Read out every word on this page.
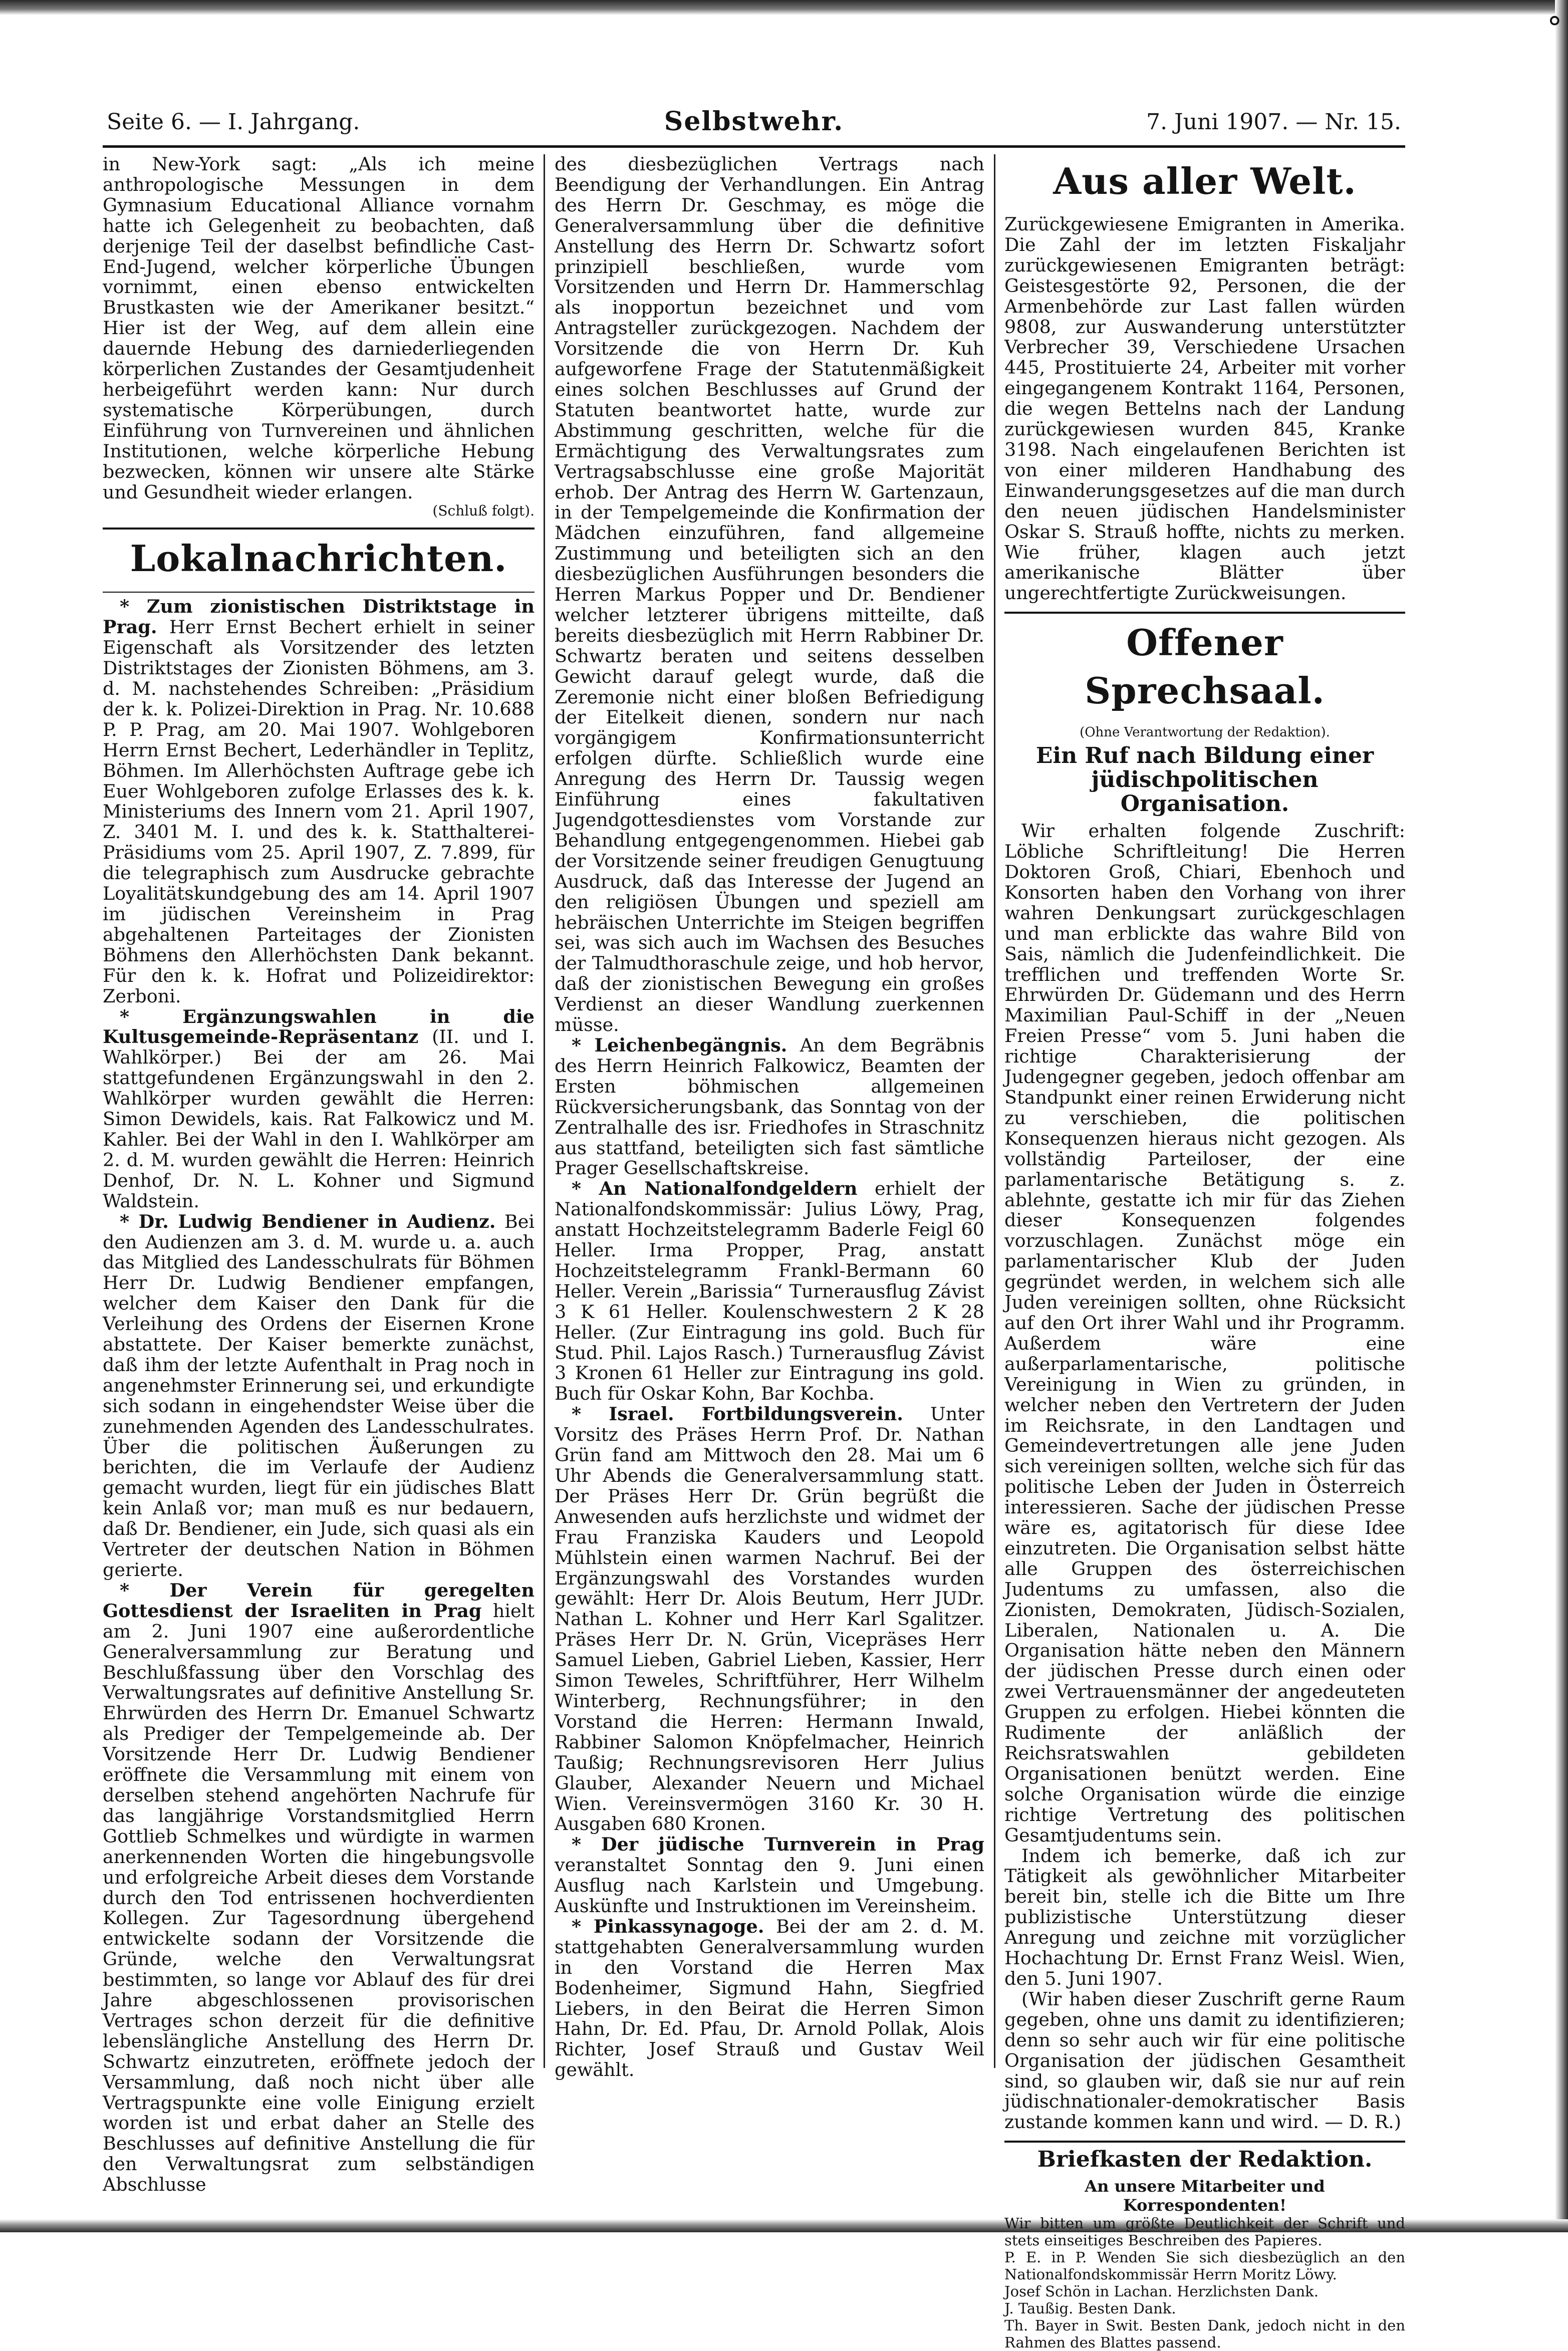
∘
Seite 6. — I. Jahrgang.	Selbstwehr.	7. Juni 1907. — Nr. 15.

in New-York sagt: „Als ich meine anthropologische Messungen in dem Gymnasium Educational Alliance vornahm hatte ich Gelegenheit zu beobachten, daß derjenige Teil der daselbst befindliche Cast-End-Jugend, welcher körperliche Übungen vornimmt, einen ebenso entwickelten Brustkasten wie der Amerikaner besitzt.“ Hier ist der Weg, auf dem allein eine dauernde Hebung des darniederliegenden körperlichen Zustandes der Gesamtjudenheit herbeigeführt werden kann: Nur durch systematische Körperübungen, durch Einführung von Turnvereinen und ähnlichen Institutionen, welche körperliche Hebung bezwecken, können wir unsere alte Stärke und Gesundheit wieder erlangen.

(Schluß folgt).
Lokalnachrichten.

* Zum zionistischen Distriktstage in Prag. Herr Ernst Bechert erhielt in seiner Eigenschaft als Vorsitzender des letzten Distriktstages der Zionisten Böhmens, am 3. d. M. nachstehendes Schreiben: „Präsidium der k. k. Polizei-Direktion in Prag. Nr. 10.688 P. P. Prag, am 20. Mai 1907. Wohlgeboren Herrn Ernst Bechert, Lederhändler in Teplitz, Böhmen. Im Allerhöchsten Auftrage gebe ich Euer Wohlgeboren zufolge Erlasses des k. k. Ministeriums des Innern vom 21. April 1907, Z. 3401 M. I. und des k. k. Statthalterei-Präsidiums vom 25. April 1907, Z. 7.899, für die telegraphisch zum Ausdrucke gebrachte Loyalitätskundgebung des am 14. April 1907 im jüdischen Vereinsheim in Prag abgehaltenen Parteitages der Zionisten Böhmens den Allerhöchsten Dank bekannt. Für den k. k. Hofrat und Polizeidirektor: Zerboni.

* Ergänzungswahlen in die Kultusgemeinde-Repräsentanz (II. und I. Wahlkörper.) Bei der am 26. Mai stattgefundenen Ergänzungswahl in den 2. Wahlkörper wurden gewählt die Herren: Simon Dewidels, kais. Rat Falkowicz und M. Kahler. Bei der Wahl in den I. Wahlkörper am 2. d. M. wurden gewählt die Herren: Heinrich Denhof, Dr. N. L. Kohner und Sigmund Waldstein.

* Dr. Ludwig Bendiener in Audienz. Bei den Audienzen am 3. d. M. wurde u. a. auch das Mitglied des Landesschulrats für Böhmen Herr Dr. Ludwig Bendiener empfangen, welcher dem Kaiser den Dank für die Verleihung des Ordens der Eisernen Krone abstattete. Der Kaiser bemerkte zunächst, daß ihm der letzte Aufenthalt in Prag noch in angenehmster Erinnerung sei, und erkundigte sich sodann in eingehendster Weise über die zunehmenden Agenden des Landesschulrates. Über die politischen Äußerungen zu berichten, die im Verlaufe der Audienz gemacht wurden, liegt für ein jüdisches Blatt kein Anlaß vor; man muß es nur bedauern, daß Dr. Bendiener, ein Jude, sich quasi als ein Vertreter der deutschen Nation in Böhmen gerierte.

* Der Verein für geregelten Gottesdienst der Israeliten in Prag hielt am 2. Juni 1907 eine außerordentliche Generalversammlung zur Beratung und Beschlußfassung über den Vorschlag des Verwaltungsrates auf definitive Anstellung Sr. Ehrwürden des Herrn Dr. Emanuel Schwartz als Prediger der Tempelgemeinde ab. Der Vorsitzende Herr Dr. Ludwig Bendiener eröffnete die Versammlung mit einem von derselben stehend angehörten Nachrufe für das langjährige Vorstandsmitglied Herrn Gottlieb Schmelkes und würdigte in warmen anerkennenden Worten die hingebungsvolle und erfolgreiche Arbeit dieses dem Vorstande durch den Tod entrissenen hochverdienten Kollegen. Zur Tagesordnung übergehend entwickelte sodann der Vorsitzende die Gründe, welche den Verwaltungsrat bestimmten, so lange vor Ablauf des für drei Jahre abgeschlossenen provisorischen Vertrages schon derzeit für die definitive lebenslängliche Anstellung des Herrn Dr. Schwartz einzutreten, eröffnete jedoch der Versammlung, daß noch nicht über alle Vertragspunkte eine volle Einigung erzielt worden ist und erbat daher an Stelle des Beschlusses auf definitive Anstellung die für den Verwaltungsrat zum selbständigen Abschlusse

des diesbezüglichen Vertrags nach Beendigung der Verhandlungen. Ein Antrag des Herrn Dr. Geschmay, es möge die Generalversammlung über die definitive Anstellung des Herrn Dr. Schwartz sofort prinzipiell beschließen, wurde vom Vorsitzenden und Herrn Dr. Hammerschlag als inopportun bezeichnet und vom Antragsteller zurückgezogen. Nachdem der Vorsitzende die von Herrn Dr. Kuh aufgeworfene Frage der Statutenmäßigkeit eines solchen Beschlusses auf Grund der Statuten beantwortet hatte, wurde zur Abstimmung geschritten, welche für die Ermächtigung des Verwaltungsrates zum Vertragsabschlusse eine große Majorität erhob. Der Antrag des Herrn W. Gartenzaun, in der Tempelgemeinde die Konfirmation der Mädchen einzuführen, fand allgemeine Zustimmung und beteiligten sich an den diesbezüglichen Ausführungen besonders die Herren Markus Popper und Dr. Bendiener welcher letzterer übrigens mitteilte, daß bereits diesbezüglich mit Herrn Rabbiner Dr. Schwartz beraten und seitens desselben Gewicht darauf gelegt wurde, daß die Zeremonie nicht einer bloßen Befriedigung der Eitelkeit dienen, sondern nur nach vorgängigem Konfirmationsunterricht erfolgen dürfte. Schließlich wurde eine Anregung des Herrn Dr. Taussig wegen Einführung eines fakultativen Jugendgottesdienstes vom Vorstande zur Behandlung entgegengenommen. Hiebei gab der Vorsitzende seiner freudigen Genugtuung Ausdruck, daß das Interesse der Jugend an den religiösen Übungen und speziell am hebräischen Unterrichte im Steigen begriffen sei, was sich auch im Wachsen des Besuches der Talmudthoraschule zeige, und hob hervor, daß der zionistischen Bewegung ein großes Verdienst an dieser Wandlung zuerkennen müsse.

* Leichenbegängnis. An dem Begräbnis des Herrn Heinrich Falkowicz, Beamten der Ersten böhmischen allgemeinen Rückversicherungsbank, das Sonntag von der Zentralhalle des isr. Friedhofes in Straschnitz aus stattfand, beteiligten sich fast sämtliche Prager Gesellschaftskreise.

* An Nationalfondgeldern erhielt der Nationalfondskommissär: Julius Löwy, Prag, anstatt Hochzeitstelegramm Baderle Feigl 60 Heller. Irma Propper, Prag, anstatt Hochzeitstelegramm Frankl-Bermann 60 Heller. Verein „Barissia“ Turnerausflug Závist 3 K 61 Heller. Koulenschwestern 2 K 28 Heller. (Zur Eintragung ins gold. Buch für Stud. Phil. Lajos Rasch.) Turnerausflug Závist 3 Kronen 61 Heller zur Eintragung ins gold. Buch für Oskar Kohn, Bar Kochba.

* Israel. Fortbildungsverein. Unter Vorsitz des Präses Herrn Prof. Dr. Nathan Grün fand am Mittwoch den 28. Mai um 6 Uhr Abends die Generalversammlung statt. Der Präses Herr Dr. Grün begrüßt die Anwesenden aufs herzlichste und widmet der Frau Franziska Kauders und Leopold Mühlstein einen warmen Nachruf. Bei der Ergänzungswahl des Vorstandes wurden gewählt: Herr Dr. Alois Beutum, Herr JUDr. Nathan L. Kohner und Herr Karl Sgalitzer. Präses Herr Dr. N. Grün, Vicepräses Herr Samuel Lieben, Gabriel Lieben, Kassier, Herr Simon Teweles, Schriftführer, Herr Wilhelm Winterberg, Rechnungsführer; in den Vorstand die Herren: Hermann Inwald, Rabbiner Salomon Knöpfelmacher, Heinrich Taußig; Rechnungsrevisoren Herr Julius Glauber, Alexander Neuern und Michael Wien. Vereinsvermögen 3160 Kr. 30 H. Ausgaben 680 Kronen.

* Der jüdische Turnverein in Prag veranstaltet Sonntag den 9. Juni einen Ausflug nach Karlstein und Umgebung. Auskünfte und Instruktionen im Vereinsheim.

* Pinkassynagoge. Bei der am 2. d. M. stattgehabten Generalversammlung wurden in den Vorstand die Herren Max Bodenheimer, Sigmund Hahn, Siegfried Liebers, in den Beirat die Herren Simon Hahn, Dr. Ed. Pfau, Dr. Arnold Pollak, Alois Richter, Josef Strauß und Gustav Weil gewählt.

Aus aller Welt.

Zurückgewiesene Emigranten in Amerika. Die Zahl der im letzten Fiskaljahr zurückgewiesenen Emigranten beträgt: Geistesgestörte 92, Personen, die der Armenbehörde zur Last fallen würden 9808, zur Auswanderung unterstützter Verbrecher 39, Verschiedene Ursachen 445, Prostituierte 24, Arbeiter mit vorher eingegangenem Kontrakt 1164, Personen, die wegen Bettelns nach der Landung zurückgewiesen wurden 845, Kranke 3198. Nach eingelaufenen Berichten ist von einer milderen Handhabung des Einwanderungsgesetzes auf die man durch den neuen jüdischen Handelsminister Oskar S. Strauß hoffte, nichts zu merken. Wie früher, klagen auch jetzt amerikanische Blätter über ungerechtfertigte Zurückweisungen.

Offener Sprechsaal.
(Ohne Verantwortung der Redaktion).
Ein Ruf nach Bildung einer jüdischpolitischen Organisation.

Wir erhalten folgende Zuschrift: Löbliche Schriftleitung! Die Herren Doktoren Groß, Chiari, Ebenhoch und Konsorten haben den Vorhang von ihrer wahren Denkungsart zurückgeschlagen und man erblickte das wahre Bild von Sais, nämlich die Judenfeindlichkeit. Die trefflichen und treffenden Worte Sr. Ehrwürden Dr. Güdemann und des Herrn Maximilian Paul-Schiff in der „Neuen Freien Presse“ vom 5. Juni haben die richtige Charakterisierung der Judengegner gegeben, jedoch offenbar am Standpunkt einer reinen Erwiderung nicht zu verschieben, die politischen Konsequenzen hieraus nicht gezogen. Als vollständig Parteiloser, der eine parlamentarische Betätigung s. z. ablehnte, gestatte ich mir für das Ziehen dieser Konsequenzen folgendes vorzuschlagen. Zunächst möge ein parlamentarischer Klub der Juden gegründet werden, in welchem sich alle Juden vereinigen sollten, ohne Rücksicht auf den Ort ihrer Wahl und ihr Programm. Außerdem wäre eine außerparlamentarische, politische Vereinigung in Wien zu gründen, in welcher neben den Vertretern der Juden im Reichsrate, in den Landtagen und Gemeindevertretungen alle jene Juden sich vereinigen sollten, welche sich für das politische Leben der Juden in Österreich interessieren. Sache der jüdischen Presse wäre es, agitatorisch für diese Idee einzutreten. Die Organisation selbst hätte alle Gruppen des österreichischen Judentums zu umfassen, also die Zionisten, Demokraten, Jüdisch-Sozialen, Liberalen, Nationalen u. A. Die Organisation hätte neben den Männern der jüdischen Presse durch einen oder zwei Vertrauensmänner der angedeuteten Gruppen zu erfolgen. Hiebei könnten die Rudimente der anläßlich der Reichsratswahlen gebildeten Organisationen benützt werden. Eine solche Organisation würde die einzige richtige Vertretung des politischen Gesamtjudentums sein.

Indem ich bemerke, daß ich zur Tätigkeit als gewöhnlicher Mitarbeiter bereit bin, stelle ich die Bitte um Ihre publizistische Unterstützung dieser Anregung und zeichne mit vorzüglicher Hochachtung Dr. Ernst Franz Weisl. Wien, den 5. Juni 1907.

(Wir haben dieser Zuschrift gerne Raum gegeben, ohne uns damit zu identifizieren; denn so sehr auch wir für eine politische Organisation der jüdischen Gesamtheit sind, so glauben wir, daß sie nur auf rein jüdischnationaler-demokratischer Basis zustande kommen kann und wird. — D. R.)

Briefkasten der Redaktion.
An unsere Mitarbeiter und Korrespondenten!

Wir bitten um größte Deutlichkeit der Schrift und stets einseitiges Beschreiben des Papieres.

P. E. in P. Wenden Sie sich diesbezüglich an den Nationalfondskommissär Herrn Moritz Löwy.

Josef Schön in Lachan. Herzlichsten Dank.

J. Taußig. Besten Dank.

Th. Bayer in Swit. Besten Dank, jedoch nicht in den Rahmen des Blattes passend.
